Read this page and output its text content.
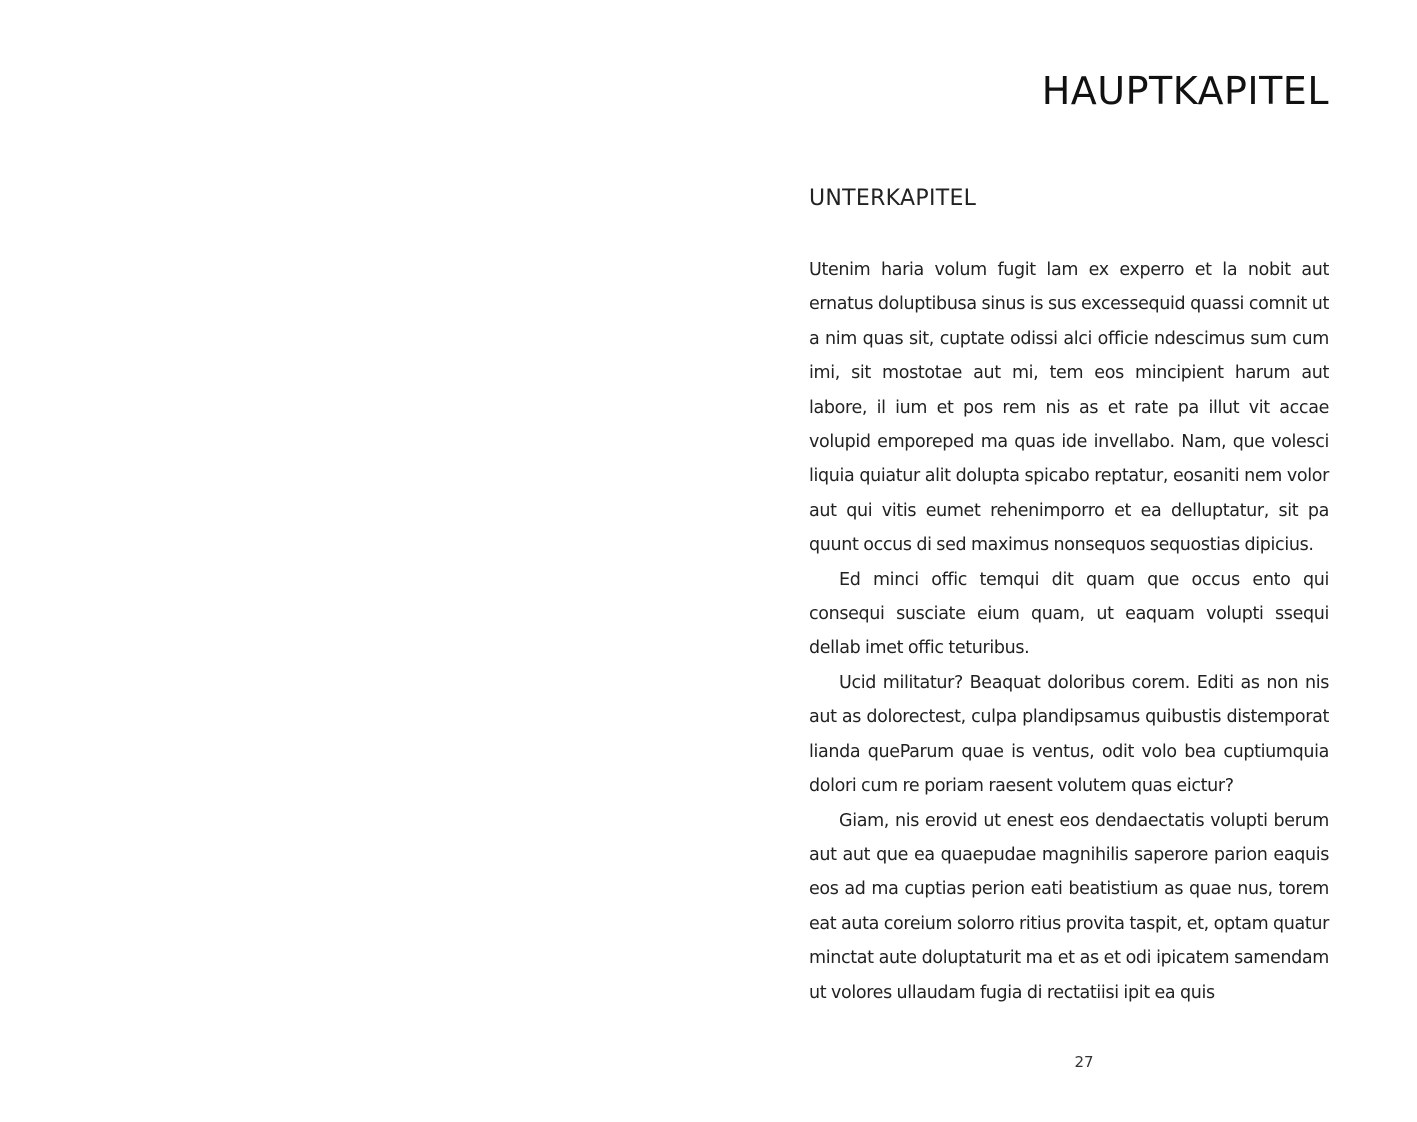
HAUPTKAPITEL
UNTERKAPITEL

Utenim haria volum fugit lam ex experro et la nobit aut ernatus doluptibusa sinus is sus excessequid quassi comnit ut a nim quas sit, cuptate odissi alci officie ndescimus sum cum imi, sit mostotae aut mi, tem eos mincipient harum aut labore, il ium et pos rem nis as et rate pa illut vit accae volupid emporeped ma quas ide invellabo. Nam, que volesci liquia quiatur alit dolupta spicabo reptatur, eosaniti nem volor aut qui vitis eumet rehenimporro et ea delluptatur, sit pa quunt occus di sed maximus nonsequos sequostias dipicius.

Ed minci offic temqui dit quam que occus ento qui consequi susciate eium quam, ut eaquam volupti ssequi dellab imet offic teturibus.

Ucid militatur? Beaquat doloribus corem. Editi as non nis aut as dolorectest, culpa plandipsamus quibustis distemporat lianda queParum quae is ventus, odit volo bea cuptiumquia dolori cum re poriam raesent volutem quas eictur?

Giam, nis erovid ut enest eos dendaectatis volupti berum aut aut que ea quaepudae magnihilis saperore parion eaquis eos ad ma cuptias perion eati beatistium as quae nus, torem eat auta coreium solorro ritius provita taspit, et, optam quatur minctat aute doluptaturit ma et as et odi ipicatem samendam ut volores ullaudam fugia di rectatiisi ipit ea quis

27
